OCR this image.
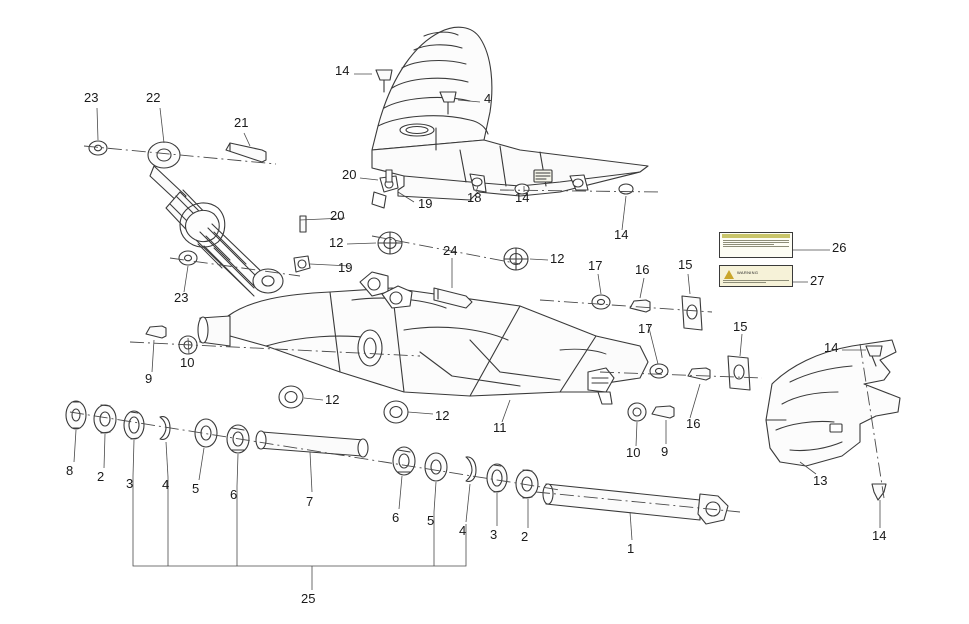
WARNING
23	22
21
14
4
20
19	18	14
14
20
12
19
23
24
12 17	16 15
26
27
17	15
14
9
10
12
12
11	16
10 9
13
14
8 2 3 4 5 6	7
6 5
4 3 2
1
25
